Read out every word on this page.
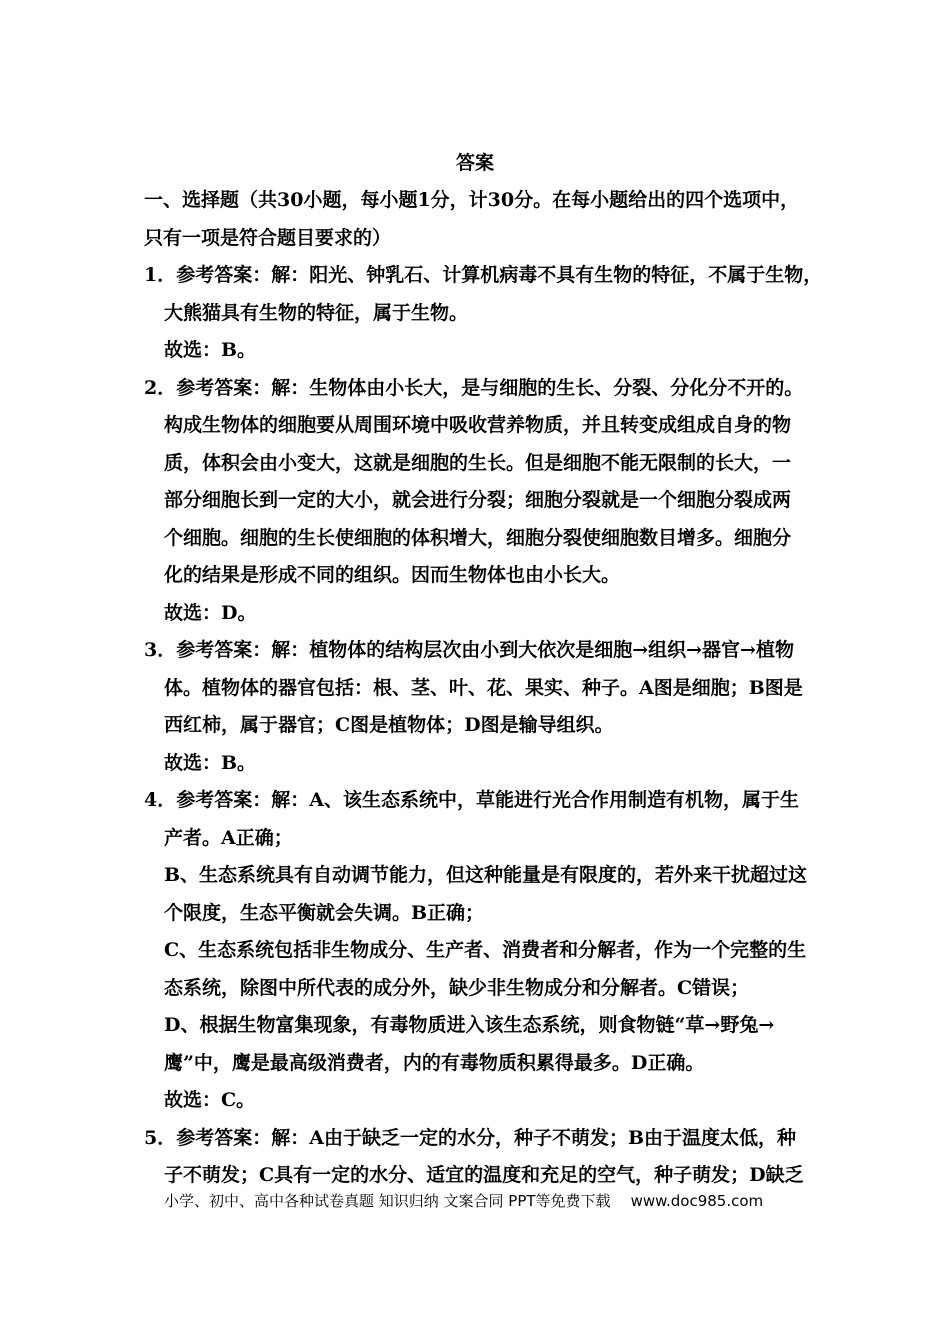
答案
一、选择题（共30小题，每小题1分，计30分。在每小题给出的四个选项中，
只有一项是符合题目要求的）
1．参考答案：解：阳光、钟乳石、计算机病毒不具有生物的特征，不属于生物，
大熊猫具有生物的特征，属于生物。
故选：B。
2．参考答案：解：生物体由小长大，是与细胞的生长、分裂、分化分不开的。
构成生物体的细胞要从周围环境中吸收营养物质，并且转变成组成自身的物
质，体积会由小变大，这就是细胞的生长。但是细胞不能无限制的长大，一
部分细胞长到一定的大小，就会进行分裂；细胞分裂就是一个细胞分裂成两
个细胞。细胞的生长使细胞的体积增大，细胞分裂使细胞数目增多。细胞分
化的结果是形成不同的组织。因而生物体也由小长大。
故选：D。
3．参考答案：解：植物体的结构层次由小到大依次是细胞→组织→器官→植物
体。植物体的器官包括：根、茎、叶、花、果实、种子。A图是细胞；B图是
西红柿，属于器官；C图是植物体；D图是输导组织。
故选：B。
4．参考答案：解：A、该生态系统中，草能进行光合作用制造有机物，属于生
产者。A正确；
B、生态系统具有自动调节能力，但这种能量是有限度的，若外来干扰超过这
个限度，生态平衡就会失调。B正确；
C、生态系统包括非生物成分、生产者、消费者和分解者，作为一个完整的生
态系统，除图中所代表的成分外，缺少非生物成分和分解者。C错误；
D、根据生物富集现象，有毒物质进入该生态系统，则食物链“草→野兔→
鹰”中，鹰是最高级消费者，内的有毒物质积累得最多。D正确。
故选：C。
5．参考答案：解：A由于缺乏一定的水分，种子不萌发；B由于温度太低，种
子不萌发；C具有一定的水分、适宜的温度和充足的空气，种子萌发；D缺乏
小学、初中、高中各种试卷真题 知识归纳 文案合同 PPT等免费下载 www.doc985.com
